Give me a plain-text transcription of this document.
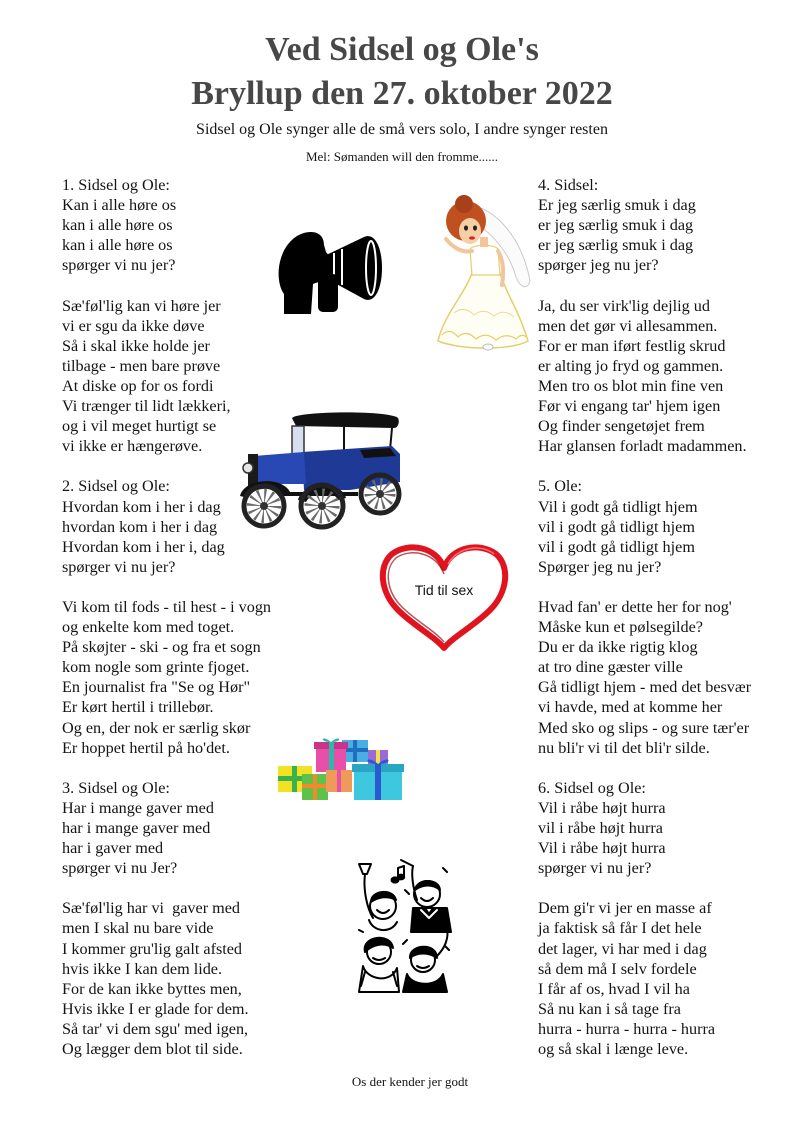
Ved Sidsel og Ole's
Bryllup den 27. oktober 2022
Sidsel og Ole synger alle de små vers solo, I andre synger resten
Mel: Sømanden will den fromme......
1. Sidsel og Ole:
Kan i alle høre os
kan i alle høre os
kan i alle høre os
spørger vi nu jer?
Sæ'føl'lig kan vi høre jer
vi er sgu da ikke døve
Så i skal ikke holde jer
tilbage - men bare prøve
At diske op for os fordi
Vi trænger til lidt lækkeri,
og i vil meget hurtigt se
vi ikke er hængerøve.
2. Sidsel og Ole:
Hvordan kom i her i dag
hvordan kom i her i dag
Hvordan kom i her i, dag
spørger vi nu jer?
Vi kom til fods - til hest - i vogn
og enkelte kom med toget.
På skøjter - ski - og fra et sogn
kom nogle som grinte fjoget.
En journalist fra "Se og Hør"
Er kørt hertil i trillebør.
Og en, der nok er særlig skør
Er hoppet hertil på ho'det.
3. Sidsel og Ole:
Har i mange gaver med
har i mange gaver med
har i gaver med
spørger vi nu Jer?
Sæ'føl'lig har vi  gaver med
men I skal nu bare vide
I kommer gru'lig galt afsted
hvis ikke I kan dem lide.
For de kan ikke byttes men,
Hvis ikke I er glade for dem.
Så tar' vi dem sgu' med igen,
Og lægger dem blot til side.
4. Sidsel:
Er jeg særlig smuk i dag
er jeg særlig smuk i dag
er jeg særlig smuk i dag
spørger jeg nu jer?
Ja, du ser virk'lig dejlig ud
men det gør vi allesammen.
For er man iført festlig skrud
er alting jo fryd og gammen.
Men tro os blot min fine ven
Før vi engang tar' hjem igen
Og finder sengetøjet frem
Har glansen forladt madammen.
5. Ole:
Vil i godt gå tidligt hjem
vil i godt gå tidligt hjem
vil i godt gå tidligt hjem
Spørger jeg nu jer?
Hvad fan' er dette her for nog'
Måske kun et pølsegilde?
Du er da ikke rigtig klog
at tro dine gæster ville
Gå tidligt hjem - med det besvær
vi havde, med at komme her
Med sko og slips - og sure tær'er
nu bli'r vi til det bli'r silde.
6. Sidsel og Ole:
Vil i råbe højt hurra
vil i råbe højt hurra
Vil i råbe højt hurra
spørger vi nu jer?
Dem gi'r vi jer en masse af
ja faktisk så får I det hele
det lager, vi har med i dag
så dem må I selv fordele
I får af os, hvad I vil ha
Så nu kan i så tage fra
hurra - hurra - hurra - hurra
og så skal i længe leve.
Tid til sex
Os der kender jer godt
